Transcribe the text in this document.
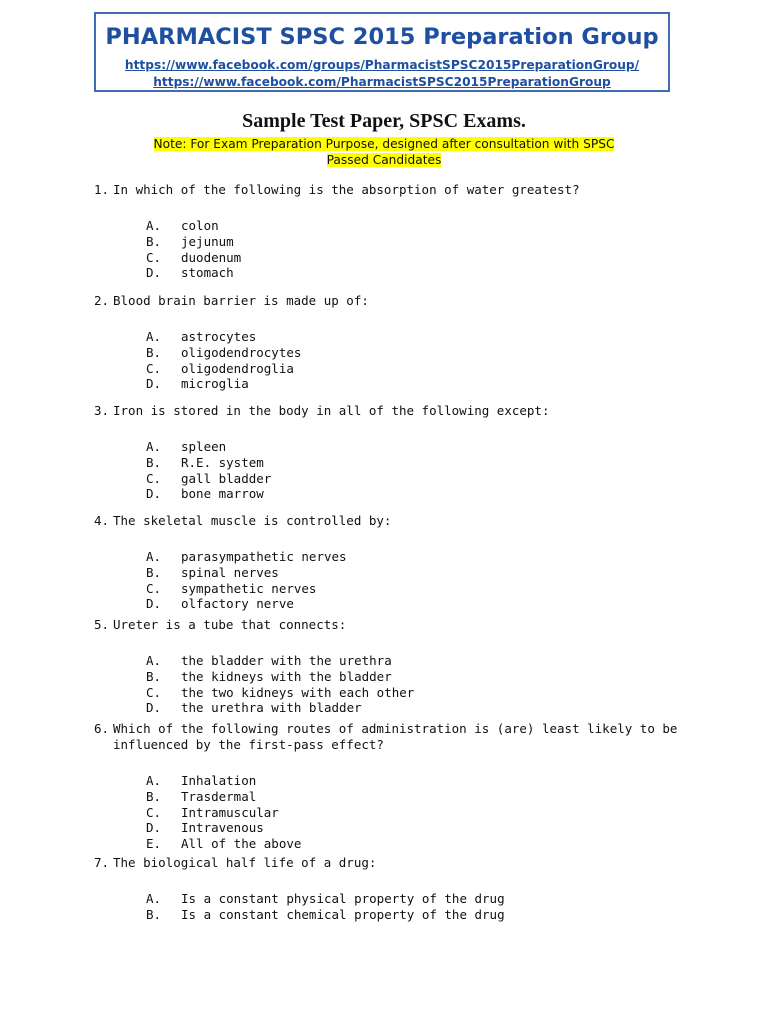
PHARMACIST SPSC 2015 Preparation Group
https://www.facebook.com/groups/PharmacistSPSC2015PreparationGroup/
https://www.facebook.com/PharmacistSPSC2015PreparationGroup
Sample Test Paper, SPSC Exams.
Note: For Exam Preparation Purpose, designed after consultation with SPSC
Passed Candidates
1. In which of the following is the absorption of water greatest?
A. colon
B. jejunum
C. duodenum
D. stomach
2. Blood brain barrier is made up of:
A. astrocytes
B. oligodendrocytes
C. oligodendroglia
D. microglia
3. Iron is stored in the body in all of the following except:
A. spleen
B. R.E. system
C. gall bladder
D. bone marrow
4. The skeletal muscle is controlled by:
A. parasympathetic nerves
B. spinal nerves
C. sympathetic nerves
D. olfactory nerve
5. Ureter is a tube that connects:
A. the bladder with the urethra
B. the kidneys with the bladder
C. the two kidneys with each other
D. the urethra with bladder
6. Which of the following routes of administration is (are) least likely to be
influenced by the first-pass effect?
A. Inhalation
B. Trasdermal
C. Intramuscular
D. Intravenous
E. All of the above
7. The biological half life of a drug:
A. Is a constant physical property of the drug
B. Is a constant chemical property of the drug
